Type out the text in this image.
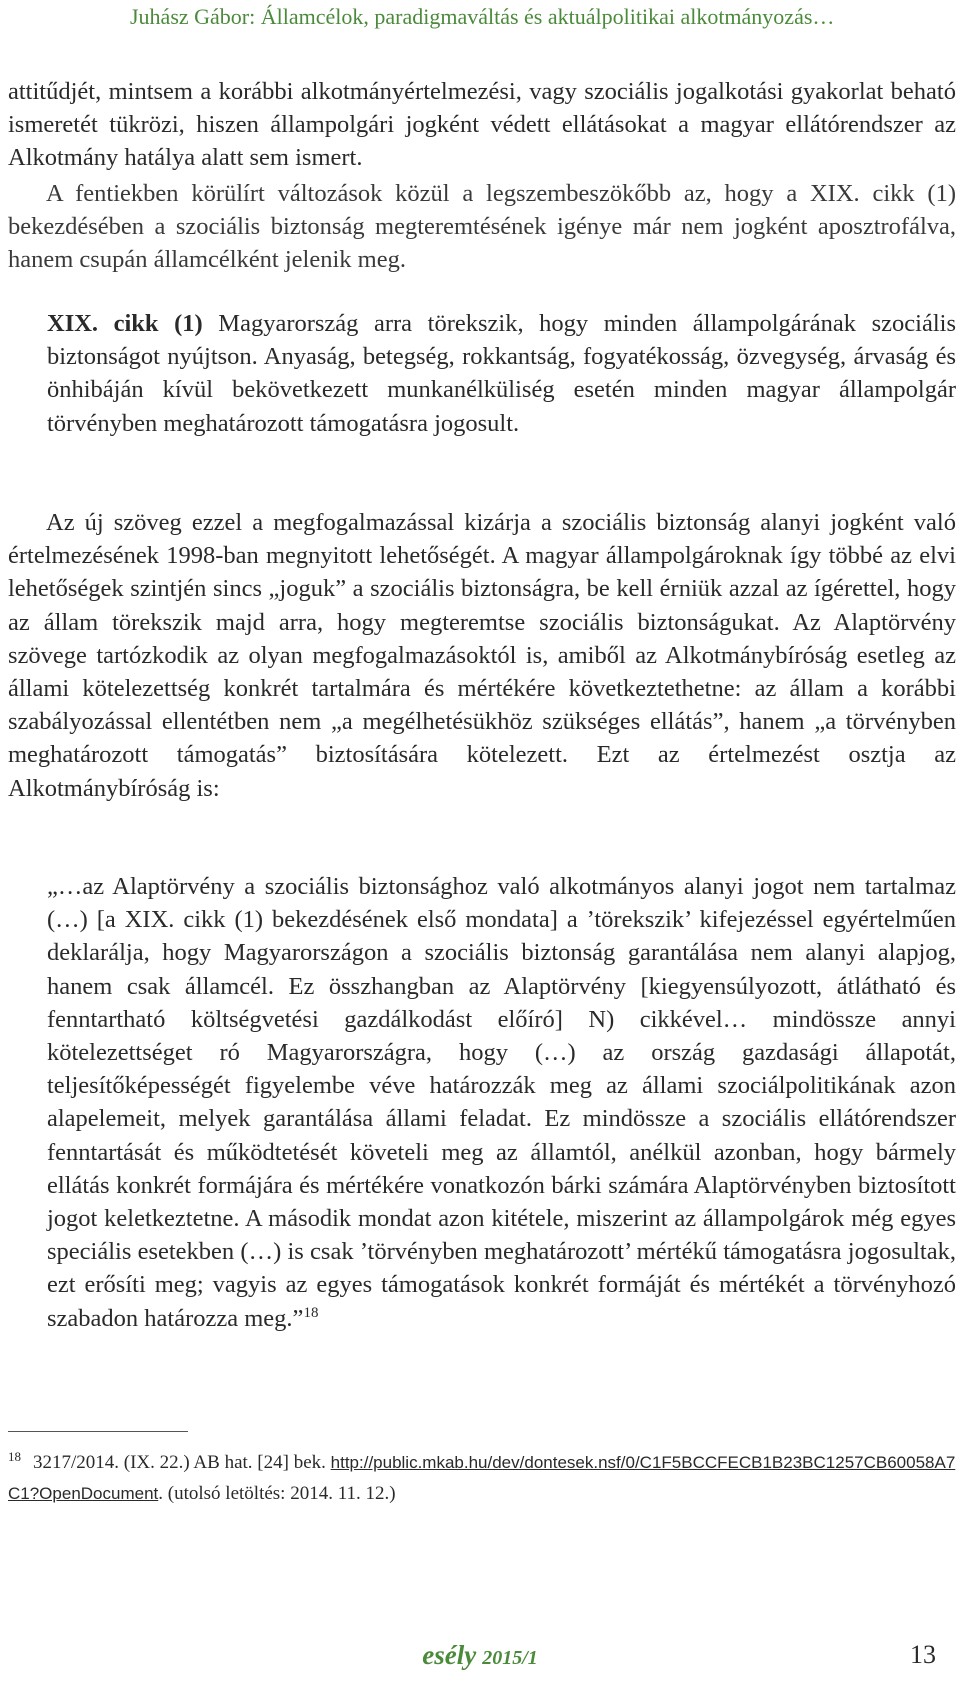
Juhász Gábor: Államcélok, paradigmaváltás és aktuálpolitikai alkotmányozás…

attitűdjét, mintsem a korábbi alkotmányértelmezési, vagy szociális jogalkotási gyakorlat beható ismeretét tükrözi, hiszen állampolgári jogként védett ellátásokat a magyar ellátórendszer az Alkotmány hatálya alatt sem ismert.

A fentiekben körülírt változások közül a legszembeszökőbb az, hogy a XIX. cikk (1) bekezdésében a szociális biztonság megteremtésének igénye már nem jogként aposztrofálva, hanem csupán államcélként jelenik meg.

XIX. cikk (1) Magyarország arra törekszik, hogy minden állampolgárának szociális biztonságot nyújtson. Anyaság, betegség, rokkantság, fogyatékosság, özvegység, árvaság és önhibáján kívül bekövetkezett munkanélküliség esetén minden magyar állampolgár törvényben meghatározott támogatásra jogosult.

Az új szöveg ezzel a megfogalmazással kizárja a szociális biztonság alanyi jogként való értelmezésének 1998-ban megnyitott lehetőségét. A magyar állampolgároknak így többé az elvi lehetőségek szintjén sincs „joguk” a szociális biztonságra, be kell érniük azzal az ígérettel, hogy az állam törekszik majd arra, hogy megteremtse szociális biztonságukat. Az Alaptörvény szövege tartózkodik az olyan megfogalmazásoktól is, amiből az Alkotmánybíróság esetleg az állami kötelezettség konkrét tartalmára és mértékére következtethetne: az állam a korábbi szabályozással ellentétben nem „a megélhetésükhöz szükséges ellátás”, hanem „a törvényben meghatározott támogatás” biztosítására kötelezett. Ezt az értelmezést osztja az Alkotmánybíróság is:

„…az Alaptörvény a szociális biztonsághoz való alkotmányos alanyi jogot nem tartalmaz (…) [a XIX. cikk (1) bekezdésének első mondata] a ’törekszik’ kifejezéssel egyértelműen deklarálja, hogy Magyarországon a szociális biztonság garantálása nem alanyi alapjog, hanem csak államcél. Ez összhangban az Alaptörvény [kiegyensúlyozott, átlátható és fenntartható költségvetési gazdálkodást előíró] N) cikkével… mindössze annyi kötelezettséget ró Magyarországra, hogy (…) az ország gazdasági állapotát, teljesítőképességét figyelembe véve határozzák meg az állami szociálpolitikának azon alapelemeit, melyek garantálása állami feladat. Ez mindössze a szociális ellátórendszer fenntartását és működtetését követeli meg az államtól, anélkül azonban, hogy bármely ellátás konkrét formájára és mértékére vonatkozón bárki számára Alaptörvényben biztosított jogot keletkeztetne. A második mondat azon kitétele, miszerint az állampolgárok még egyes speciális esetekben (…) is csak ’törvényben meghatározott’ mértékű támogatásra jogosultak, ezt erősíti meg; vagyis az egyes támogatások konkrét formáját és mértékét a törvényhozó szabadon határozza meg.”$^{18}$

$^{18}$ 3217/2014. (IX. 22.) AB hat. [24] bek. http://public.mkab.hu/dev/dontesek.nsf/0/C1F5BCCFECB1B23BC1257CB60058A7C1?OpenDocument. (utolsó letöltés: 2014. 11. 12.)
esély 2015/1	13
